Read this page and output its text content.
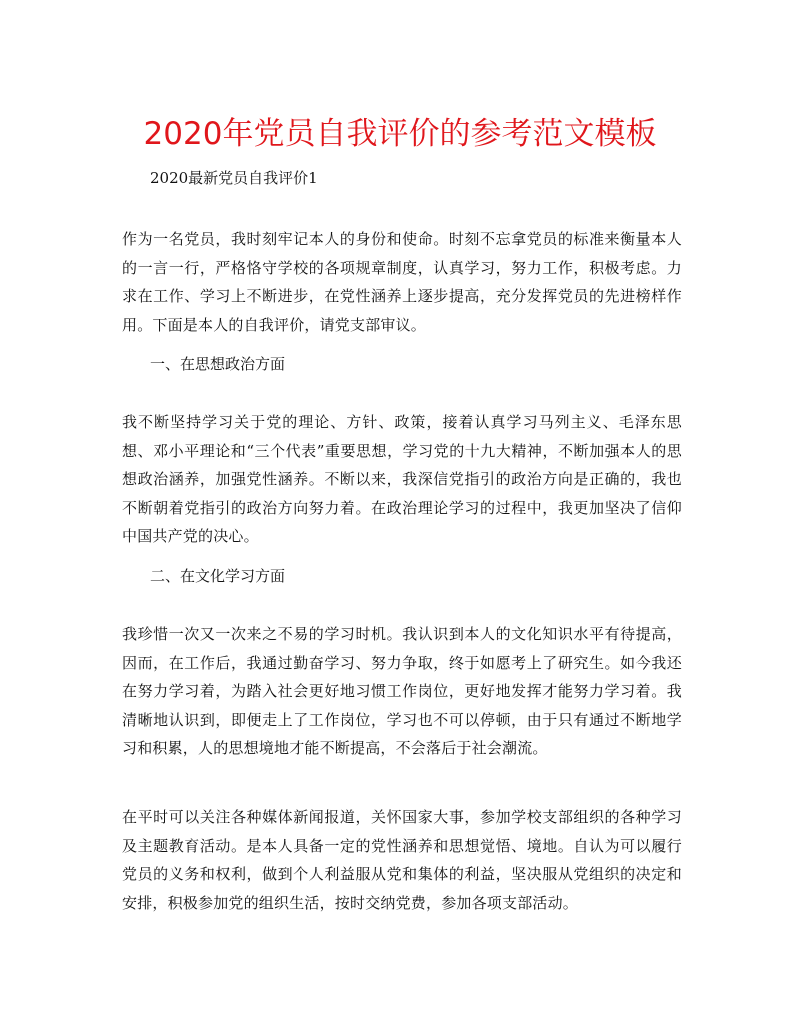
2020年党员自我评价的参考范文模板

2020最新党员自我评价1

作为一名党员，我时刻牢记本人的身份和使命。时刻不忘拿党员的标准来衡量本人的一言一行，严格恪守学校的各项规章制度，认真学习，努力工作，积极考虑。力求在工作、学习上不断进步，在党性涵养上逐步提高，充分发挥党员的先进榜样作用。下面是本人的自我评价，请党支部审议。

一、在思想政治方面

我不断坚持学习关于党的理论、方针、政策，接着认真学习马列主义、毛泽东思想、邓小平理论和“三个代表”重要思想，学习党的十九大精神，不断加强本人的思想政治涵养，加强党性涵养。不断以来，我深信党指引的政治方向是正确的，我也不断朝着党指引的政治方向努力着。在政治理论学习的过程中，我更加坚决了信仰中国共产党的决心。

二、在文化学习方面

我珍惜一次又一次来之不易的学习时机。我认识到本人的文化知识水平有待提高，因而，在工作后，我通过勤奋学习、努力争取，终于如愿考上了研究生。如今我还在努力学习着，为踏入社会更好地习惯工作岗位，更好地发挥才能努力学习着。我清晰地认识到，即便走上了工作岗位，学习也不可以停顿，由于只有通过不断地学习和积累，人的思想境地才能不断提高，不会落后于社会潮流。

在平时可以关注各种媒体新闻报道，关怀国家大事，参加学校支部组织的各种学习及主题教育活动。是本人具备一定的党性涵养和思想觉悟、境地。自认为可以履行党员的义务和权利，做到个人利益服从党和集体的利益，坚决服从党组织的决定和安排，积极参加党的组织生活，按时交纳党费，参加各项支部活动。
